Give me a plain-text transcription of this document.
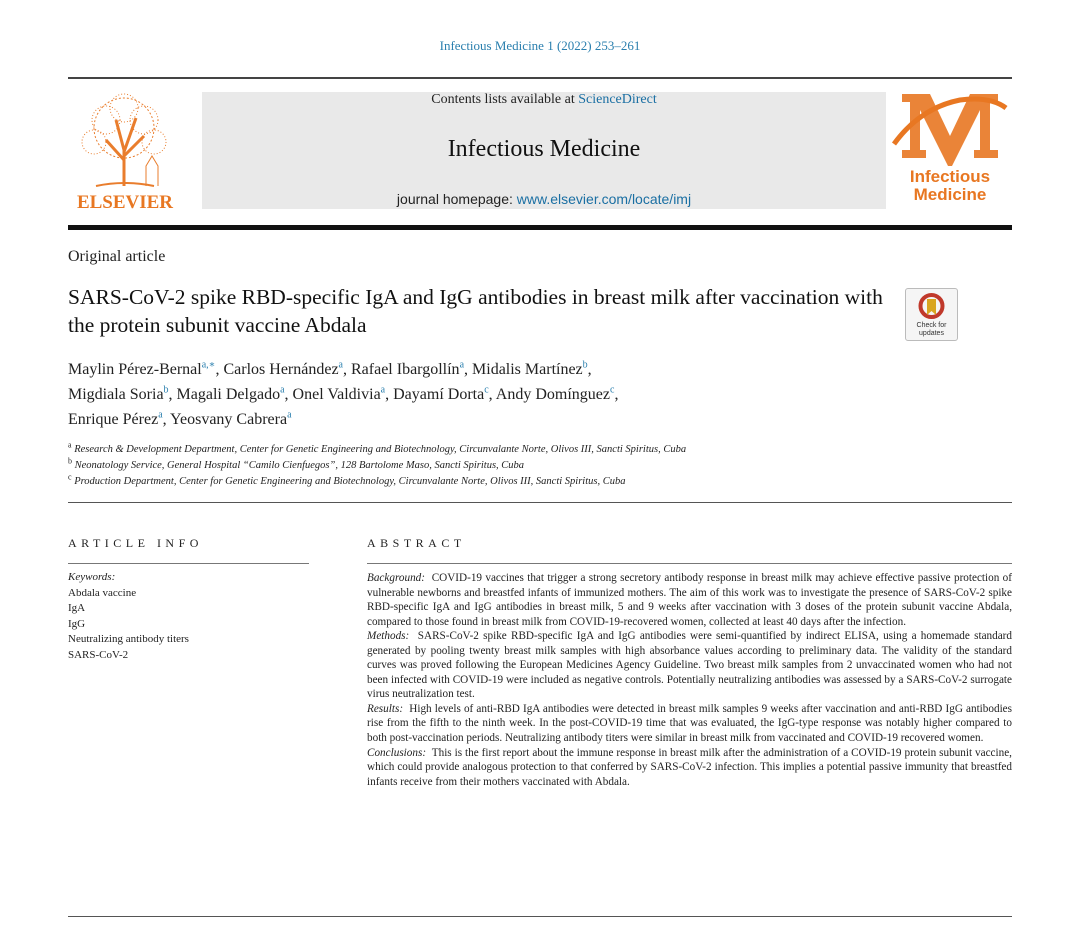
Infectious Medicine 1 (2022) 253–261
ELSEVIER
Contents lists available at ScienceDirect
Infectious Medicine
journal homepage: www.elsevier.com/locate/imj
Infectious
Medicine
Original article
SARS-CoV-2 spike RBD-specific IgA and IgG antibodies in breast milk after vaccination with the protein subunit vaccine Abdala	Check for
updates
Maylin Pérez-Bernal$^{a,∗}$, Carlos Hernández$^a$, Rafael Ibargollín$^a$, Midalis Martínez$^b$,
Migdiala Soria$^b$, Magali Delgado$^a$, Onel Valdivia$^a$, Dayamí Dorta$^c$, Andy Domínguez$^c$,
Enrique Pérez$^a$, Yeosvany Cabrera$^a$
$^a$ Research & Development Department, Center for Genetic Engineering and Biotechnology, Circunvalante Norte, Olivos III, Sancti Spiritus, Cuba
$^b$ Neonatology Service, General Hospital “Camilo Cienfuegos”, 128 Bartolome Maso, Sancti Spiritus, Cuba
$^c$ Production Department, Center for Genetic Engineering and Biotechnology, Circunvalante Norte, Olivos III, Sancti Spiritus, Cuba
ARTICLE INFO	ABSTRACT
Keywords:
Abdala vaccine
IgA
IgG
Neutralizing antibody titers
SARS-CoV-2
Background: COVID-19 vaccines that trigger a strong secretory antibody response in breast milk may achieve effective passive protection of vulnerable newborns and breastfed infants of immunized mothers. The aim of this work was to investigate the presence of SARS-CoV-2 spike RBD-specific IgA and IgG antibodies in breast milk, 5 and 9 weeks after vaccination with 3 doses of the protein subunit vaccine Abdala, compared to those found in breast milk from COVID-19-recovered women, collected at least 40 days after the infection.
Methods: SARS-CoV-2 spike RBD-specific IgA and IgG antibodies were semi-quantified by indirect ELISA, using a homemade standard generated by pooling twenty breast milk samples with high absorbance values according to preliminary data. The validity of the standard curves was proved following the European Medicines Agency Guideline. Two breast milk samples from 2 unvaccinated women who had not been infected with COVID-19 were included as negative controls. Potentially neutralizing antibodies was assessed by a SARS-CoV-2 surrogate virus neutralization test.
Results: High levels of anti-RBD IgA antibodies were detected in breast milk samples 9 weeks after vaccination and anti-RBD IgG antibodies rise from the fifth to the ninth week. In the post-COVID-19 time that was evaluated, the IgG-type response was notably higher compared to both post-vaccination periods. Neutralizing antibody titers were similar in breast milk from vaccinated and COVID-19 recovered women.
Conclusions: This is the first report about the immune response in breast milk after the administration of a COVID-19 protein subunit vaccine, which could provide analogous protection to that conferred by SARS-CoV-2 infection. This implies a potential passive immunity that breastfed infants receive from their mothers vaccinated with Abdala.
